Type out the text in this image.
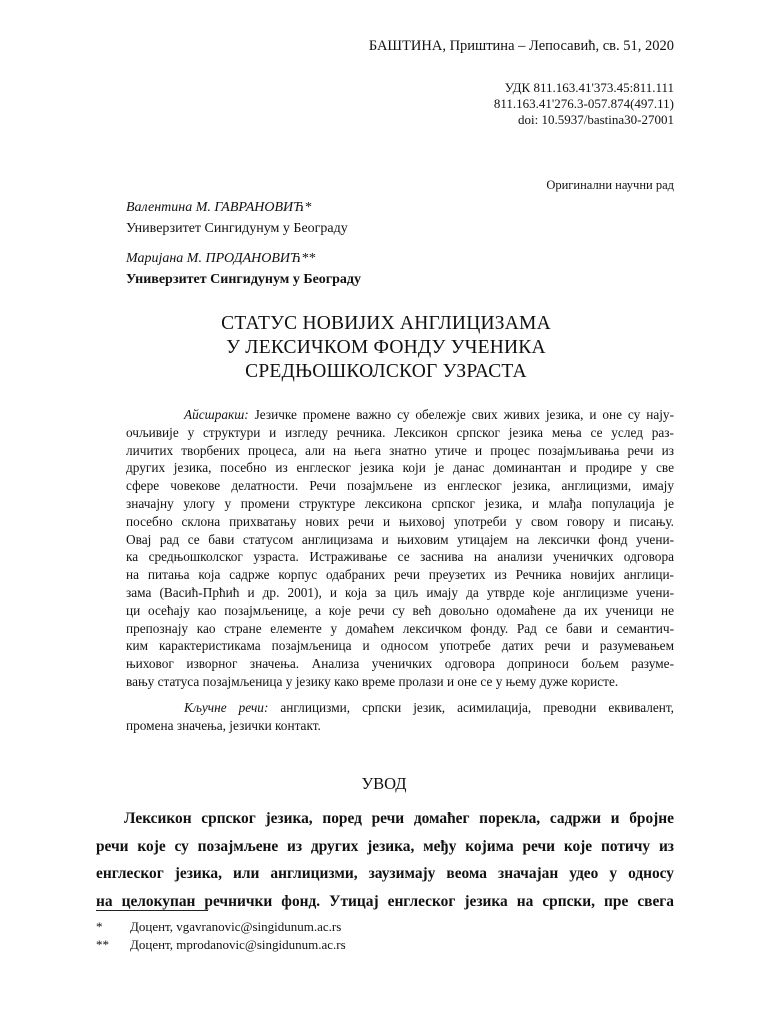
БАШТИНА, Приштина – Лепосавић, св. 51, 2020
УДК 811.163.41'373.45:811.111
811.163.41'276.3-057.874(497.11)
doi: 10.5937/bastina30-27001
Оригинални научни рад
Валентина М. ГАВРАНОВИЋ*
Универзитет Сингидунум у Београду
Маријана М. ПРОДАНОВИЋ**
Универзитет Сингидунум у Београду
СТАТУС НОВИЈИХ АНГЛИЦИЗАМА
У ЛЕКСИЧКОМ ФОНДУ УЧЕНИКА
СРЕДЊОШКОЛСКОГ УЗРАСТА
Айсшракш: Језичке промене важно су обележје свих живих језика, и оне су нају-
очљивије у структури и изгледу речника. Лексикон српског језика мења се услед раз-
личитих творбених процеса, али на њега знатно утиче и процес позајмљивања речи из
других језика, посебно из енглеског језика који је данас доминантан и продире у све
сфере човекове делатности. Речи позајмљене из енглеског језика, англицизми, имају
значајну улогу у промени структуре лексикона српског језика, и млађа популација је
посебно склона прихватању нових речи и њиховој употреби у свом говору и писању.
Овај рад се бави статусом англицизама и њиховим утицајем на лексички фонд учени-
ка средњошколског узраста. Истраживање се заснива на анализи ученичких одговора
на питања која садрже корпус одабраних речи преузетих из Речника новијих англици-
зама (Васић-Прћић и др. 2001), и која за циљ имају да утврде које англицизме учени-
ци осећају као позајмљенице, а које речи су већ довољно одомаћене да их ученици не
препознају као стране елементе у домаћем лексичком фонду. Рад се бави и семантич-
ким карактеристикама позајмљеница и односом употребе датих речи и разумевањем
њиховог изворног значења. Анализа ученичких одговора доприноси бољем разуме-
вању статуса позајмљеница у језику како време пролази и оне се у њему дуже користе.
Кључне речи: англицизми, српски језик, асимилација, преводни еквивалент,
промена значења, језички контакт.
УВОД
Лексикон српског језика, поред речи домаћег порекла, садржи и бројне
речи које су позајмљене из других језика, међу којима речи које потичу из
енглеског језика, или англицизми, заузимају веома значајан удео у односу
на целокупан речнички фонд. Утицај енглеског језика на српски, пре свега
*	Доцент, vgavranovic@singidunum.ac.rs
**	Доцент, mprodanovic@singidunum.ac.rs
